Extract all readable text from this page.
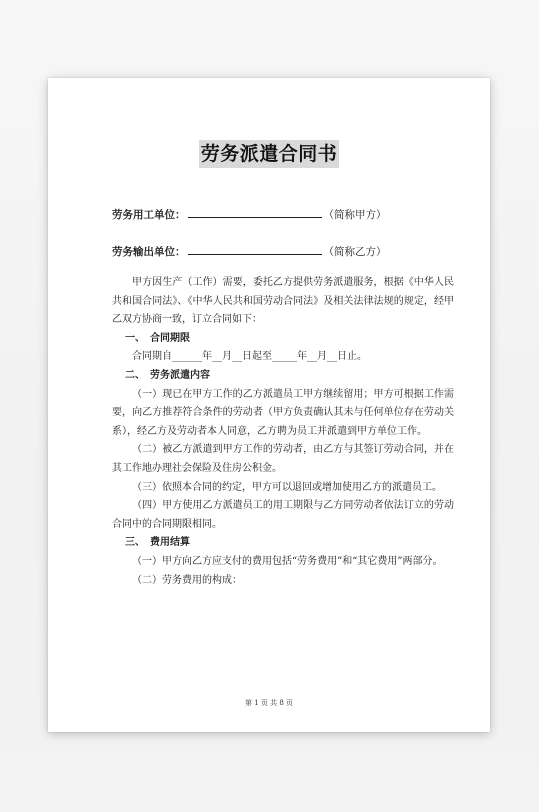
劳务派遣合同书
劳务用工单位：	（简称甲方）
劳务输出单位：	（简称乙方）

甲方因生产（工作）需要，委托乙方提供劳务派遣服务，根据《中华人民共和国合同法》、《中华人民共和国劳动合同法》及相关法律法规的规定，经甲乙双方协商一致，订立合同如下：

一、　合同期限

合同期自______年__月__日起至_____年__月__日止。

二、　劳务派遣内容

（一）现已在甲方工作的乙方派遣员工甲方继续留用；甲方可根据工作需要，向乙方推荐符合条件的劳动者（甲方负责确认其未与任何单位存在劳动关系），经乙方及劳动者本人同意，乙方聘为员工并派遣到甲方单位工作。

（二）被乙方派遣到甲方工作的劳动者，由乙方与其签订劳动合同，并在其工作地办理社会保险及住房公积金。

（三）依照本合同的约定，甲方可以退回或增加使用乙方的派遣员工。

（四）甲方使用乙方派遣员工的用工期限与乙方同劳动者依法订立的劳动合同中的合同期限相同。

三、　费用结算

（一）甲方向乙方应支付的费用包括“劳务费用”和“其它费用”两部分。

（二）劳务费用的构成：

第 1 页 共 8 页
